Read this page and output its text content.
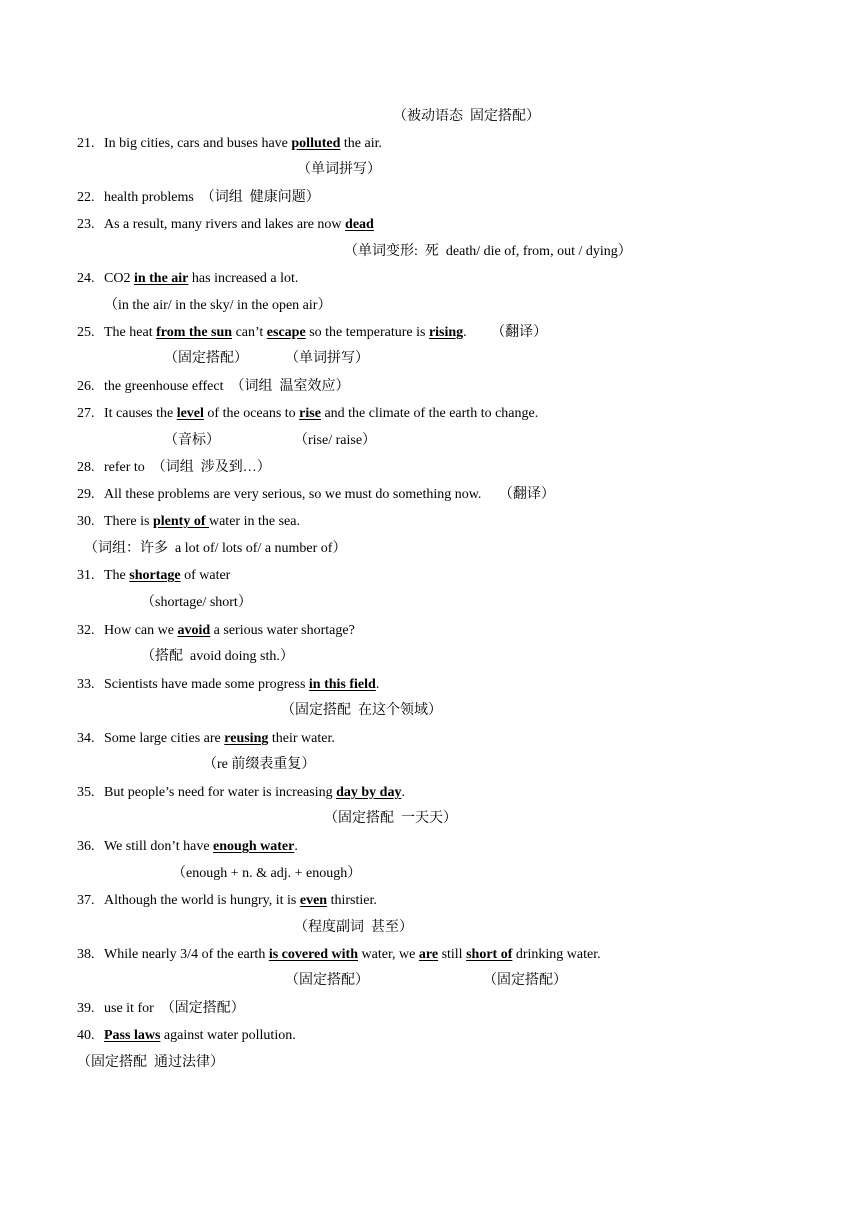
（被动语态  固定搭配）
21. In big cities, cars and buses have polluted the air.
（单词拼写）
22. health problems  （词组  健康问题）
23. As a result, many rivers and lakes are now dead
（单词变形:  死  death/ die of, from, out / dying）
24. CO2 in the air has increased a lot.
（in the air/ in the sky/ in the open air）
25. The heat from the sun can’t escape so the temperature is rising.       （翻译）
（固定搭配）	（单词拼写）
26. the greenhouse effect  （词组  温室效应）
27. It causes the level of the oceans to rise and the climate of the earth to change.
（音标）	（rise/ raise）
28. refer to  （词组  涉及到…）
29. All these problems are very serious, so we must do something now.     （翻译）
30. There is plenty of water in the sea.
（词组：许多  a lot of/ lots of/ a number of）
31. The shortage of water
（shortage/ short）
32. How can we avoid a serious water shortage?
（搭配  avoid doing sth.）
33. Scientists have made some progress in this field.
（固定搭配  在这个领域）
34. Some large cities are reusing their water.
（re 前缀表重复）
35. But people’s need for water is increasing day by day.
（固定搭配  一天天）
36. We still don’t have enough water.
（enough + n. & adj. + enough）
37. Although the world is hungry, it is even thirstier.
（程度副词  甚至）
38. While nearly 3/4 of the earth is covered with water, we are still short of drinking water.
（固定搭配）	（固定搭配）
39. use it for  （固定搭配）
40. Pass laws against water pollution.
（固定搭配  通过法律）
